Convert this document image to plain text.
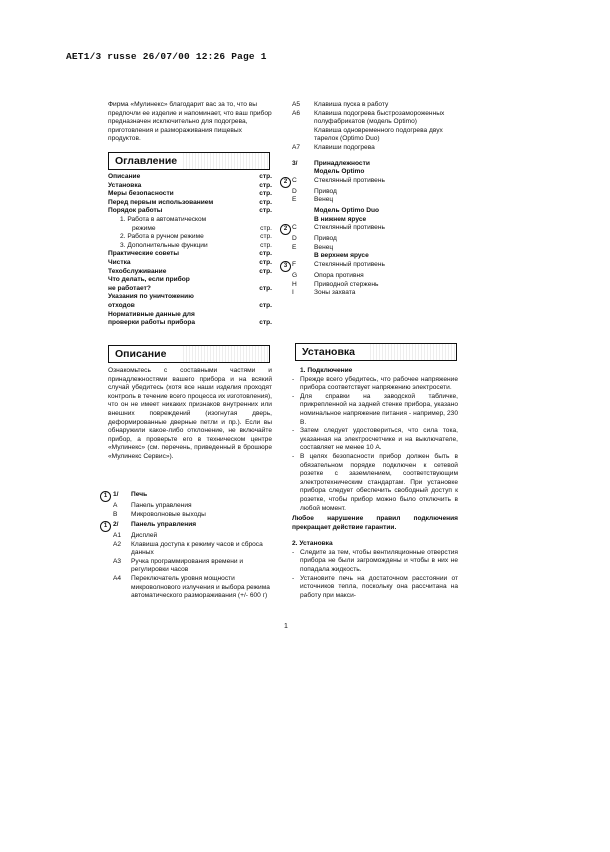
AET1/3 russe 26/07/00 12:26 Page 1
Фирма «Мулинекс» благодарит вас за то, что вы предпочли ее изделие и напоминает, что ваш прибор предназначен исключительно для подогрева, приготовления и размораживания пищевых продуктов.
Оглавление
Описание	стр.
Установка	стр.
Меры безопасности	стр.
Перед первым использованием	стр.
Порядок работы	стр.
1. Работа в автоматическом
режиме	стр.
2. Работа в ручном режиме	стр.
3. Дополнительные функции	стр.
Практические советы	стр.
Чистка	стр.
Техобслуживание	стр.
Что делать, если прибор
не работает?	стр.
Указания по уничтожению
отходов	стр.
Нормативные данные для
проверки работы прибора	стр.
Описание
Ознакомьтесь с составными частями и принадлежностями вашего прибора и на всякий случай убедитесь (хотя все наши изделия проходят контроль в течение всего процесса их изготовления), что он не имеет никаких признаков внутренних или внешних повреждений (изогнутая дверь, деформированные дверные петли и пр.). Если вы обнаружили какое-либо отклонение, не включайте прибор, а проверьте его в техническом центре «Мулинекс» (см. перечень, приведенный в брошюре «Мулинекс Сервис»).
1 1/	Печь
A	Панель управления
B	Микроволновые выходы
1 2/	Панель управления
A1	Дисплей
A2	Клавиша доступа к режиму часов и сброса данных
A3	Ручка программирования времени и регулировки часов
A4	Переключатель уровня мощности микроволнового излучения и выбора режима автоматического размораживания (+/- 600 г)
A5	Клавиша пуска в работу
A6	Клавиша подогрева быстрозамороженных полуфабрикатов (модель Optimo)
Клавиша одновременного подогрева двух тарелок (Optimo Duo)
A7	Клавиши подогрева
3/	Принадлежности
Модель Optimo
2 C	Стеклянный противень
D	Привод
E	Венец
Модель Optimo Duo
В нижнем ярусе
2 C	Стеклянный противень
D	Привод
E	Венец
В верхнем ярусе
3 F	Стеклянный противень
G	Опора противня
H	Приводной стержень
I	Зоны захвата
Установка
1. Подключение
- Прежде всего убедитесь, что рабочее напряжение прибора соответствует напряжению электросети.
- Для справки на заводской табличке, прикрепленной на задней стенке прибора, указано номинальное напряжение питания - например, 230 В.
- Затем следует удостовериться, что сила тока, указанная на электросчетчике и на выключателе, составляет не менее 10 А.
- В целях безопасности прибор должен быть в обязательном порядке подключен к сетевой розетке с заземлением, соответствующим электротехническим стандартам. При установке прибора следует обеспечить свободный доступ к розетке, чтобы прибор можно было отключить в любой момент.
Любое нарушение правил подключения прекращает действие гарантии.
2. Установка
- Следите за тем, чтобы вентиляционные отверстия прибора не были загромождены и чтобы в них не попадала жидкость.
- Установите печь на достаточном расстоянии от источников тепла, поскольку она рассчитана на работу при макси-
1
